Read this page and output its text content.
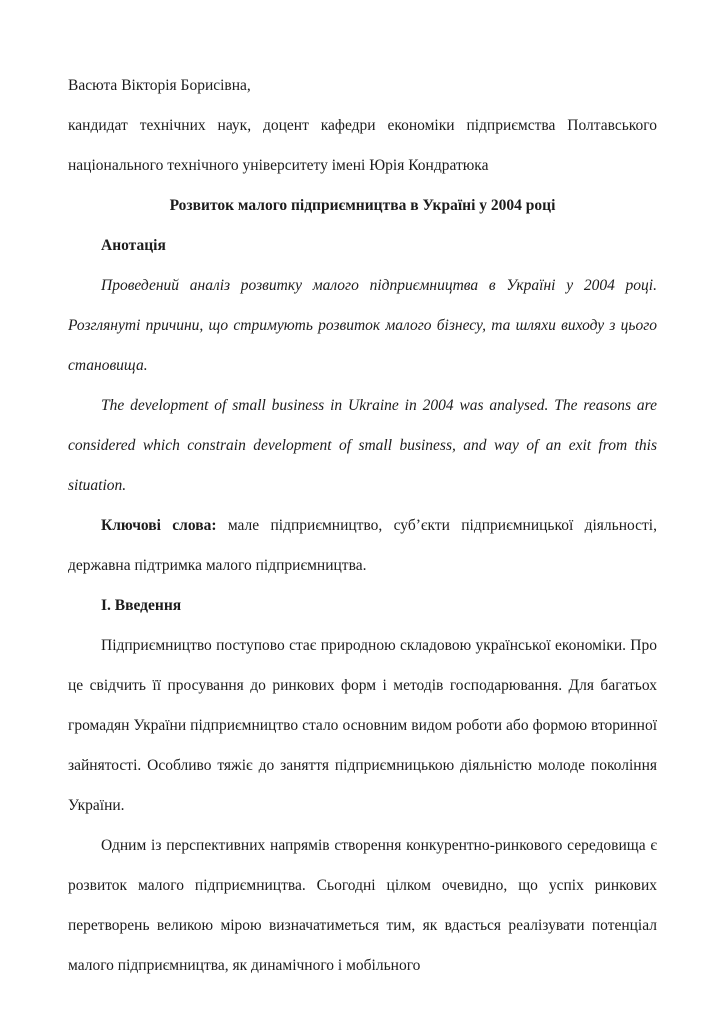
Васюта Вікторія Борисівна,

кандидат технічних наук, доцент кафедри економіки підприємства Полтавського національного технічного університету імені Юрія Кондратюка

Розвиток малого підприємництва в Україні у 2004 році

Анотація

Проведений аналіз розвитку малого підприємництва в Україні у 2004 році. Розглянуті причини, що стримують розвиток малого бізнесу, та шляхи виходу з цього становища.

The development of small business in Ukraine in 2004 was analysed. The reasons are considered which constrain development of small business, and way of an exit from this situation.

Ключові слова: мале підприємництво, суб’єкти підприємницької діяльності, державна підтримка малого підприємництва.

І. Введення

Підприємництво поступово стає природною складовою української економіки. Про це свідчить її просування до ринкових форм і методів господарювання. Для багатьох громадян України підприємництво стало основним видом роботи або формою вторинної зайнятості. Особливо тяжіє до заняття підприємницькою діяльністю молоде покоління України.

Одним із перспективних напрямів створення конкурентно-ринкового середовища є розвиток малого підприємництва. Сьогодні цілком очевидно, що успіх ринкових перетворень великою мірою визначатиметься тим, як вдасться реалізувати потенціал малого підприємництва, як динамічного і мобільного
